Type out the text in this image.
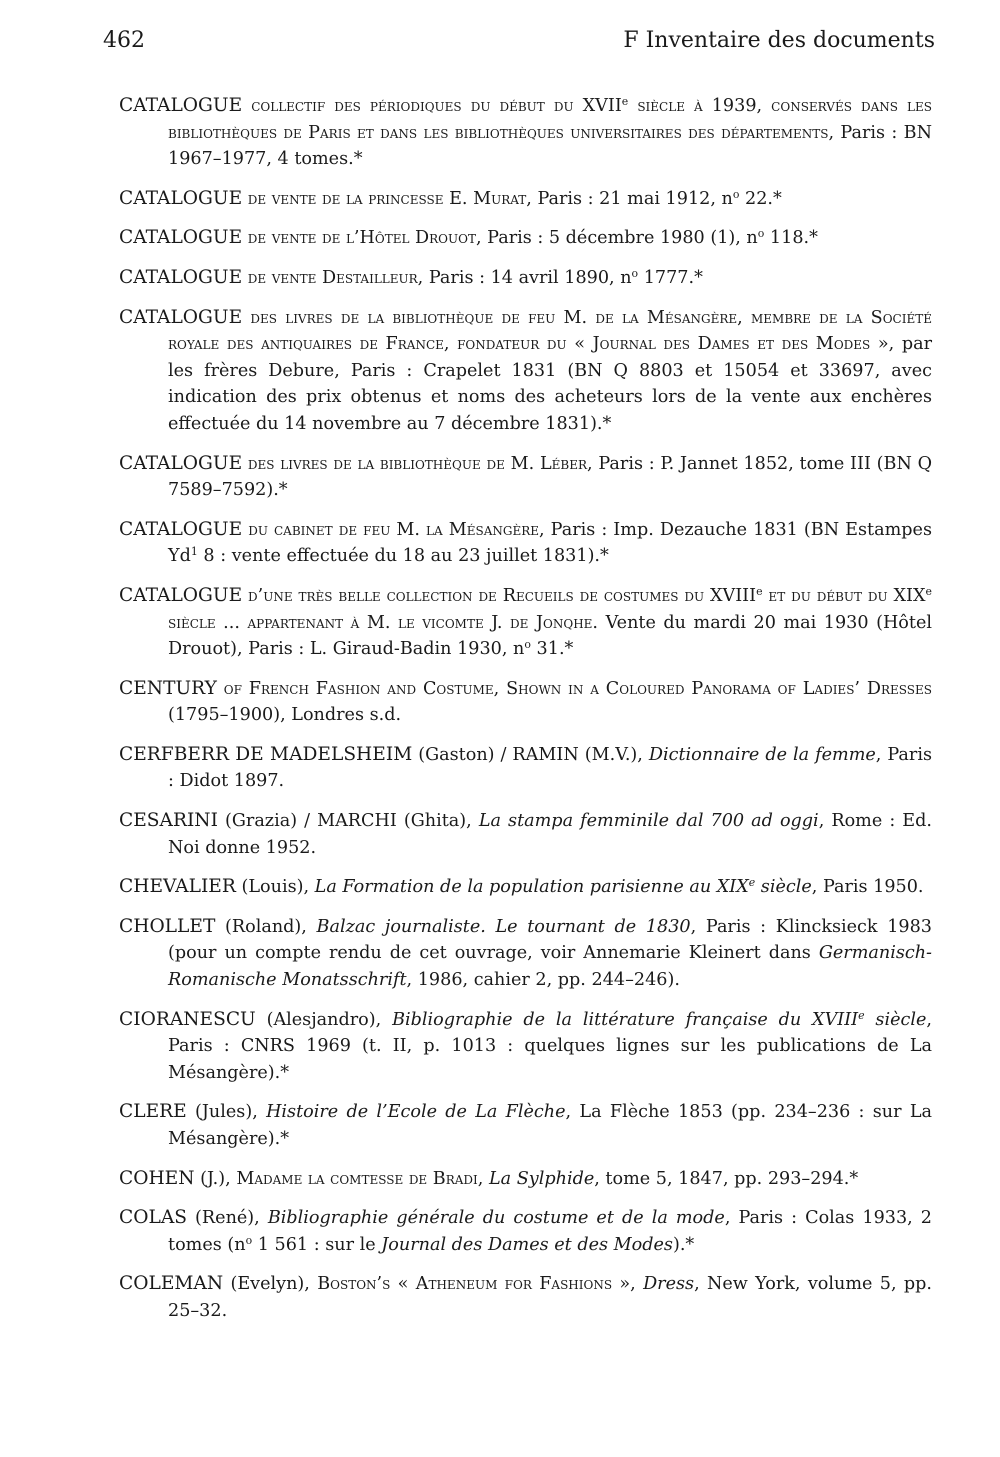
462	F Inventaire des documents

CATALOGUE collectif des périodiques du début du XVIIe siècle à 1939, conservés dans les bibliothèques de Paris et dans les bibliothèques universitaires des départements, Paris : BN 1967–1977, 4 tomes.*

CATALOGUE de vente de la princesse E. Murat, Paris : 21 mai 1912, $n^o$ 22.*

CATALOGUE de vente de l’Hôtel Drouot, Paris : 5 décembre 1980 (1), $n^o$ 118.*

CATALOGUE de vente Destailleur, Paris : 14 avril 1890, $n^o$ 1777.*

CATALOGUE des livres de la bibliothèque de feu M. de la Mésangère, membre de la Société royale des antiquaires de France, fondateur du « Journal des Dames et des Modes », par les frères Debure, Paris : Crapelet 1831 (BN Q 8803 et 15054 et 33697, avec indication des prix obtenus et noms des acheteurs lors de la vente aux enchères effectuée du 14 novembre au 7 décembre 1831).*

CATALOGUE des livres de la bibliothèque de M. Léber, Paris : P. Jannet 1852, tome III (BN Q 7589–7592).*

CATALOGUE du cabinet de feu M. la Mésangère, Paris : Imp. Dezauche 1831 (BN Estampes Yd$^1$ 8 : vente effectuée du 18 au 23 juillet 1831).*

CATALOGUE d’une très belle collection de Recueils de costumes du XVIIIe et du début du XIXe siècle ... appartenant à M. le vicomte J. de Jonqhe. Vente du mardi 20 mai 1930 (Hôtel Drouot), Paris : L. Giraud-Badin 1930, $n^o$ 31.*

CENTURY of French Fashion and Costume, Shown in a Coloured Panorama of Ladies’ Dresses (1795–1900), Londres s.d.

CERFBERR DE MADELSHEIM (Gaston) / RAMIN (M.V.), Dictionnaire de la femme, Paris : Didot 1897.

CESARINI (Grazia) / MARCHI (Ghita), La stampa femminile dal 700 ad oggi, Rome : Ed. Noi donne 1952.

CHEVALIER (Louis), La Formation de la population parisienne au XIXe siècle, Paris 1950.

CHOLLET (Roland), Balzac journaliste. Le tournant de 1830, Paris : Klincksieck 1983 (pour un compte rendu de cet ouvrage, voir Annemarie Kleinert dans Germanisch-Romanische Monatsschrift, 1986, cahier 2, pp. 244–246).

CIORANESCU (Alesjandro), Bibliographie de la littérature française du XVIIIe siècle, Paris : CNRS 1969 (t. II, p. 1013 : quelques lignes sur les publications de La Mésangère).*

CLERE (Jules), Histoire de l’Ecole de La Flèche, La Flèche 1853 (pp. 234–236 : sur La Mésangère).*

COHEN (J.), Madame la comtesse de Bradi, La Sylphide, tome 5, 1847, pp. 293–294.*

COLAS (René), Bibliographie générale du costume et de la mode, Paris : Colas 1933, 2 tomes ($n^o$ 1 561 : sur le Journal des Dames et des Modes).*

COLEMAN (Evelyn), Boston’s « Atheneum for Fashions », Dress, New York, volume 5, pp. 25–32.
